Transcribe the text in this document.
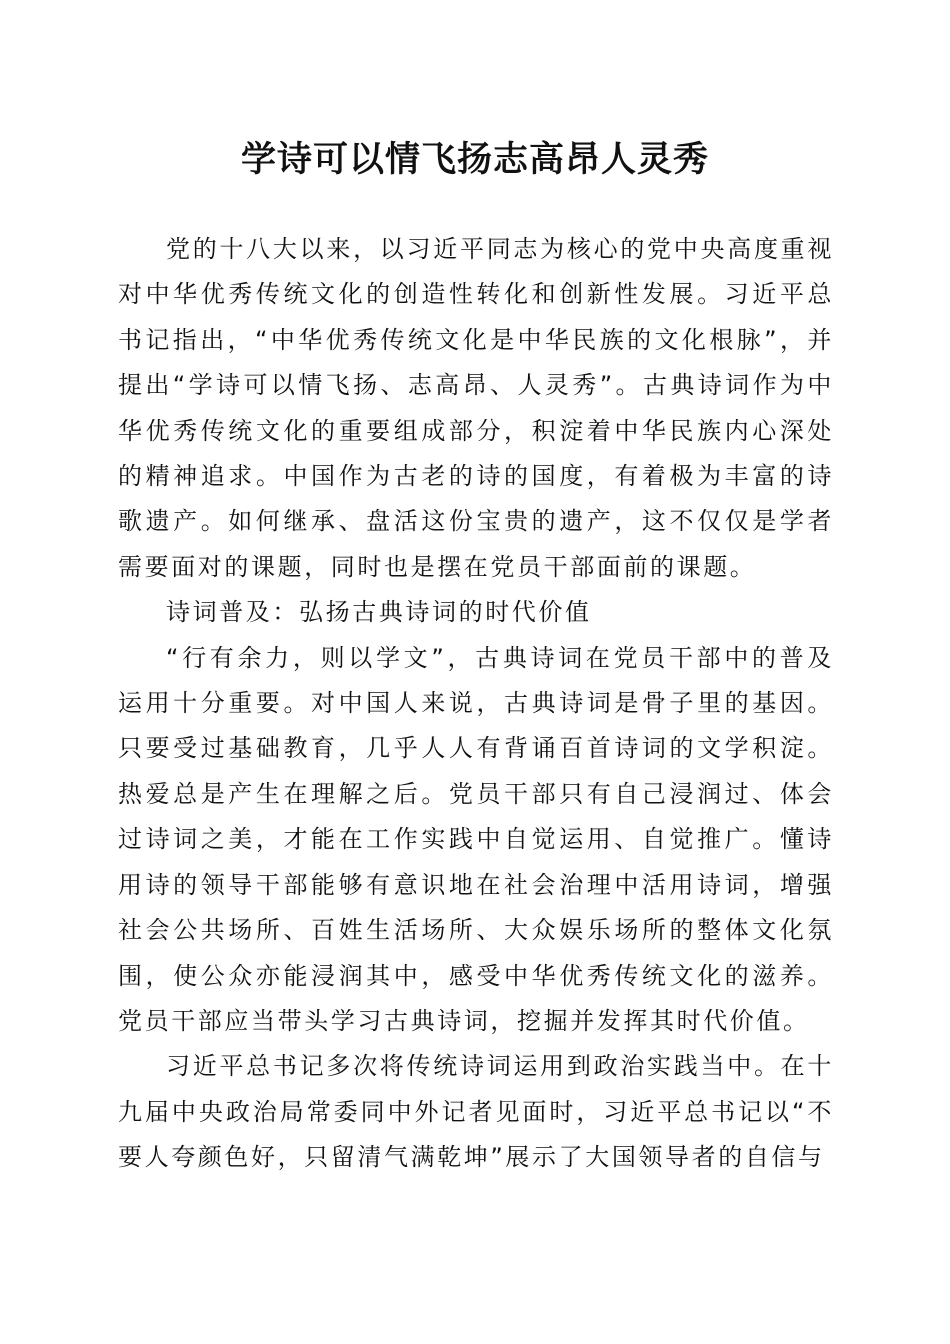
学诗可以情飞扬志高昂人灵秀

党的十八大以来，以习近平同志为核心的党中央高度重视对中华优秀传统文化的创造性转化和创新性发展。习近平总书记指出，“中华优秀传统文化是中华民族的文化根脉”，并提出“学诗可以情飞扬、志高昂、人灵秀”。古典诗词作为中华优秀传统文化的重要组成部分，积淀着中华民族内心深处的精神追求。中国作为古老的诗的国度，有着极为丰富的诗歌遗产。如何继承、盘活这份宝贵的遗产，这不仅仅是学者需要面对的课题，同时也是摆在党员干部面前的课题。

诗词普及：弘扬古典诗词的时代价值

“行有余力，则以学文”，古典诗词在党员干部中的普及运用十分重要。对中国人来说，古典诗词是骨子里的基因。只要受过基础教育，几乎人人有背诵百首诗词的文学积淀。热爱总是产生在理解之后。党员干部只有自己浸润过、体会过诗词之美，才能在工作实践中自觉运用、自觉推广。懂诗用诗的领导干部能够有意识地在社会治理中活用诗词，增强社会公共场所、百姓生活场所、大众娱乐场所的整体文化氛围，使公众亦能浸润其中，感受中华优秀传统文化的滋养。党员干部应当带头学习古典诗词，挖掘并发挥其时代价值。

习近平总书记多次将传统诗词运用到政治实践当中。在十九届中央政治局常委同中外记者见面时，习近平总书记以“不要人夸颜色好，只留清气满乾坤”展示了大国领导者的自信与
